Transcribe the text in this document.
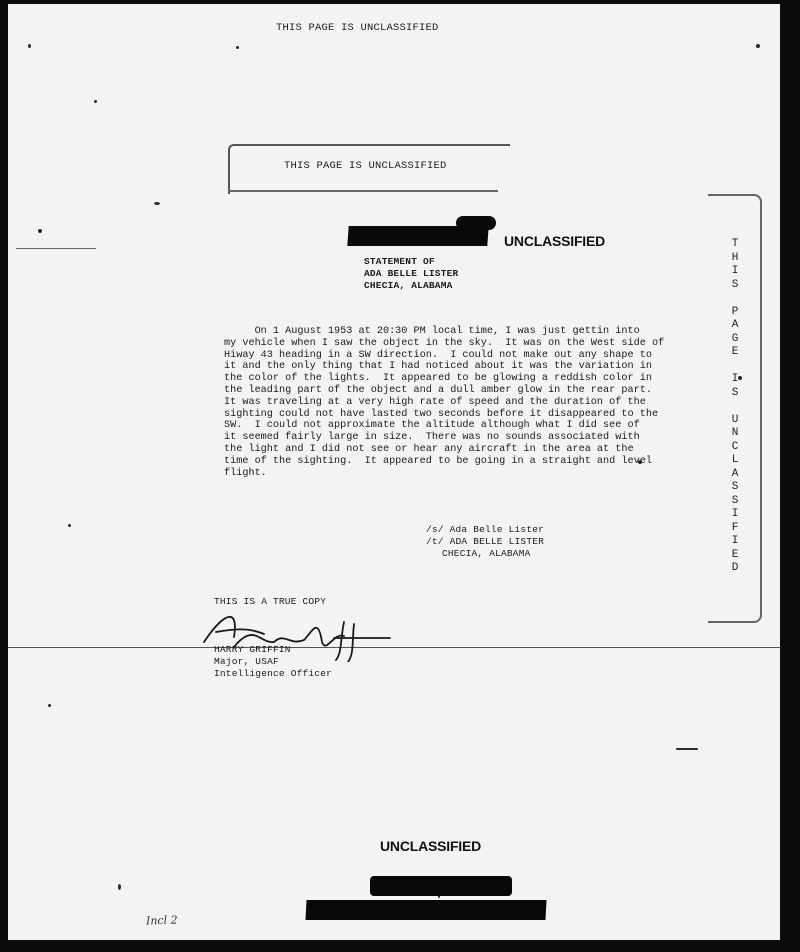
THIS PAGE IS UNCLASSIFIED
THIS PAGE IS UNCLASSIFIED
UNCLASSIFIED	T
H
I
S
P
A
G
E
I
S
U
N
C
L
A
S
S
I
F
I
E
D
STATEMENT OF
ADA BELLE LISTER
CHECIA, ALABAMA
On 1 August 1953 at 20:30 PM local time, I was just gettin into
my vehicle when I saw the object in the sky.  It was on the West side of
Hiway 43 heading in a SW direction.  I could not make out any shape to
it and the only thing that I had noticed about it was the variation in
the color of the lights.  It appeared to be glowing a reddish color in
the leading part of the object and a dull amber glow in the rear part.
It was traveling at a very high rate of speed and the duration of the
sighting could not have lasted two seconds before it disappeared to the
SW.  I could not approximate the altitude although what I did see of
it seemed fairly large in size.  There was no sounds associated with
the light and I did not see or hear any aircraft in the area at the
time of the sighting.  It appeared to be going in a straight and level
flight.
/s/ Ada Belle Lister
/t/ ADA BELLE LISTER
CHECIA, ALABAMA
THIS IS A TRUE COPY
HARRY GRIFFIN
Major, USAF
Intelligence Officer
UNCLASSIFIED
Incl 2
